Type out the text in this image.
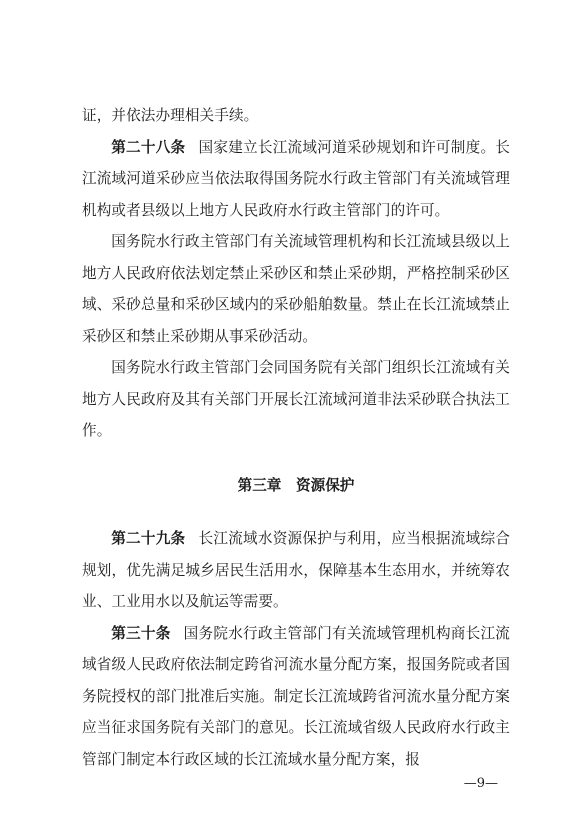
证，并依法办理相关手续。

第二十八条 国家建立长江流域河道采砂规划和许可制度。长江流域河道采砂应当依法取得国务院水行政主管部门有关流域管理机构或者县级以上地方人民政府水行政主管部门的许可。

国务院水行政主管部门有关流域管理机构和长江流域县级以上地方人民政府依法划定禁止采砂区和禁止采砂期，严格控制采砂区域、采砂总量和采砂区域内的采砂船舶数量。禁止在长江流域禁止采砂区和禁止采砂期从事采砂活动。

国务院水行政主管部门会同国务院有关部门组织长江流域有关地方人民政府及其有关部门开展长江流域河道非法采砂联合执法工作。

第三章 资源保护

第二十九条 长江流域水资源保护与利用，应当根据流域综合规划，优先满足城乡居民生活用水，保障基本生态用水，并统筹农业、工业用水以及航运等需要。

第三十条 国务院水行政主管部门有关流域管理机构商长江流域省级人民政府依法制定跨省河流水量分配方案，报国务院或者国务院授权的部门批准后实施。制定长江流域跨省河流水量分配方案应当征求国务院有关部门的意见。长江流域省级人民政府水行政主管部门制定本行政区域的长江流域水量分配方案，报

—9—
